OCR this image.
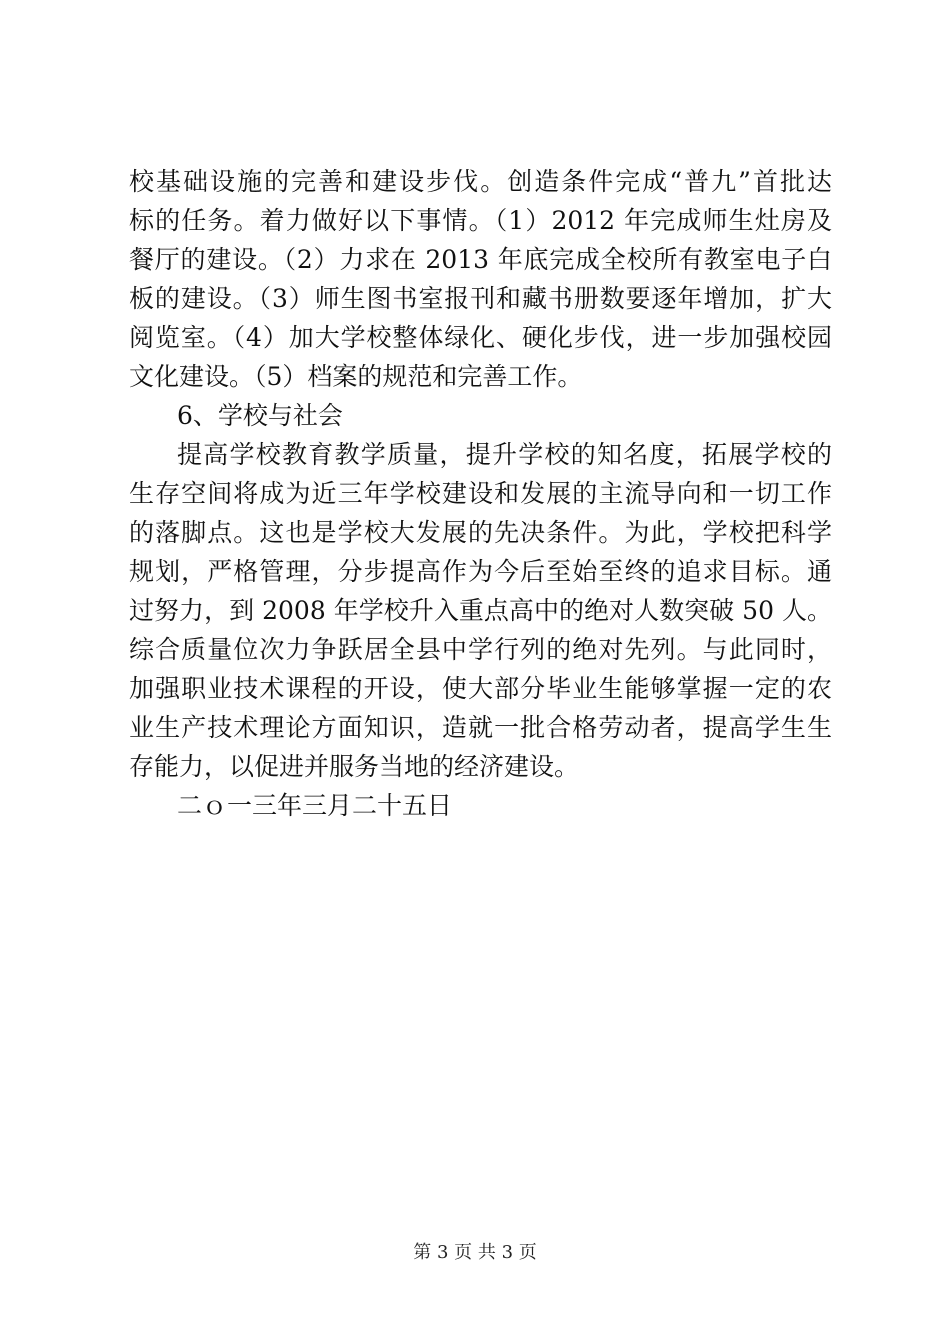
校基础设施的完善和建设步伐。创造条件完成“普九”首批达
标的任务。着力做好以下事情。（1）2012 年完成师生灶房及
餐厅的建设。（2）力求在 2013 年底完成全校所有教室电子白
板的建设。（3）师生图书室报刊和藏书册数要逐年增加，扩大
阅览室。（4）加大学校整体绿化、硬化步伐，进一步加强校园
文化建设。（5）档案的规范和完善工作。
6、学校与社会
提高学校教育教学质量，提升学校的知名度，拓展学校的
生存空间将成为近三年学校建设和发展的主流导向和一切工作
的落脚点。这也是学校大发展的先决条件。为此，学校把科学
规划，严格管理，分步提高作为今后至始至终的追求目标。通
过努力，到 2008 年学校升入重点高中的绝对人数突破 50 人。
综合质量位次力争跃居全县中学行列的绝对先列。与此同时，
加强职业技术课程的开设，使大部分毕业生能够掌握一定的农
业生产技术理论方面知识，造就一批合格劳动者，提高学生生
存能力，以促进并服务当地的经济建设。
二ｏ一三年三月二十五日
第 3 页 共 3 页
